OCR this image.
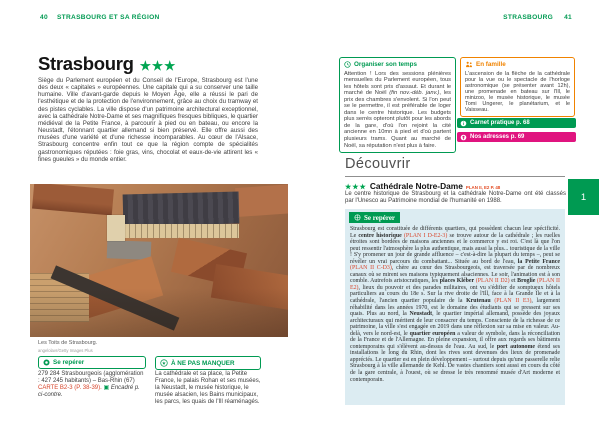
40 STRASBOURG ET SA RÉGION	STRASBOURG 41
Strasbourg ★★★

Siège du Parlement européen et du Conseil de l'Europe, Strasbourg est l'une des deux « capitales » européennes. Une capitale qui a su conserver une taille humaine. Ville d'avant-garde depuis le Moyen Âge, elle a réussi le pari de l'esthétique et de la protection de l'environnement, grâce au choix du tramway et des pistes cyclables. La ville dispose d'un patrimoine architectural exceptionnel, avec la cathédrale Notre-Dame et ses magnifiques fresques bibliques, le quartier médiéval de la Petite France, à parcourir à pied ou en bateau, ou encore la Neustadt, l'étonnant quartier allemand si bien préservé. Elle offre aussi des musées d'une variété et d'une richesse incomparables. Au cœur de l'Alsace, Strasbourg concentre enfin tout ce que la région compte de spécialités gastronomiques réputées : foie gras, vins, chocolat et eaux-de-vie attirent les « fines gueules » du monde entier.

Les Toits de Strasbourg.
angelolavr/Getty Images Plus
Se repérer
279 284 Strasbourgeois (agglomération : 427 245 habitants) – Bas-Rhin (67) CARTE B2-3 (P. 38-39). ▣ Encadré p. ci-contre.
★ À NE PAS MANQUER
La cathédrale et sa place, la Petite France, le palais Rohan et ses musées, la Neustadt, le musée historique, le musée alsacien, les Bains municipaux, les parcs, les quais de l'Ill réaménagés.
Organiser son temps
Attention ! Lors des sessions plénières mensuelles du Parlement européen, tous les hôtels sont pris d'assaut. Et durant le marché de Noël (fin nov.-déb. janv.), les prix des chambres s'envolent. Si l'on peut se le permettre, il est préférable de loger dans le centre historique. Les budgets plus serrés opteront plutôt pour les abords de la gare, d'où l'on rejoint la cité ancienne en 10mn à pied et d'où partent plusieurs trams. Quant au marché de Noël, sa réputation n'est plus à faire.
En famille
L'ascension de la flèche de la cathédrale pour la vue ou le spectacle de l'horloge astronomique (se présenter avant 12h), une promenade en bateau sur l'Ill, le minizoo, le musée historique, le musée Tomi Ungerer, le planétarium, et le Vaisseau.
i Carnet pratique p. 68
Nos adresses p. 69
Découvrir
★★★ Cathédrale Notre-Dame PLAN II, E2 P. 48

Le centre historique de Strasbourg et la cathédrale Notre-Dame ont été classés par l'Unesco au Patrimoine mondial de l'humanité en 1988.	1
Se repérer
Strasbourg est constituée de différents quartiers, qui possèdent chacun leur spécificité. Le centre historique (PLAN I D-E2-3) se trouve autour de la cathédrale ; les ruelles étroites sont bordées de maisons anciennes et le commerce y est roi. C'est là que l'on peut ressentir l'atmosphère la plus authentique, mais aussi la plus... touristique de la ville ! S'y promener un jour de grande affluence – c'est-à-dire la plupart du temps –, peut se révéler un vrai parcours du combattant... Située au bord de l'eau, la Petite France (PLAN II C-D3), chère au cœur des Strasbourgeois, est traversée par de nombreux canaux où se mirent ses maisons typiquement alsaciennes. Le soir, l'animation est à son comble. Autrefois aristocratiques, les places Kléber (PLAN II D2) et Broglie (PLAN II E2), lieux du pouvoir et des parades militaires, ont vu s'édifier de somptueux hôtels particuliers au cours du 18e s. Sur la rive droite de l'Ill, face à la Grande Île et à la cathédrale, l'ancien quartier populaire de la Krutenau (PLAN II E3), largement réhabilité dans les années 1970, est le domaine des étudiants qui se pressent sur ses quais. Plus au nord, la Neustadt, le quartier impérial allemand, possède des joyaux architecturaux qui méritent de leur consacrer du temps. Consciente de la richesse de ce patrimoine, la ville s'est engagée en 2019 dans une réflexion sur sa mise en valeur. Au-delà, vers le nord-est, le quartier européen a valeur de symbole, dans la réconciliation de la France et de l'Allemagne. En pleine expansion, il offre aux regards ses bâtiments contemporains qui s'élèvent au-dessus de l'eau. Au sud, le port autonome étend ses installations le long du Rhin, dont les rives sont devenues des lieux de promenade appréciés. Le quartier est en plein développement – surtout depuis qu'une passerelle relie Strasbourg à la ville allemande de Kehl. De vastes chantiers sont aussi en cours du côté de la gare centrale, à l'ouest, où se dresse le très renommé musée d'Art moderne et contemporain.
